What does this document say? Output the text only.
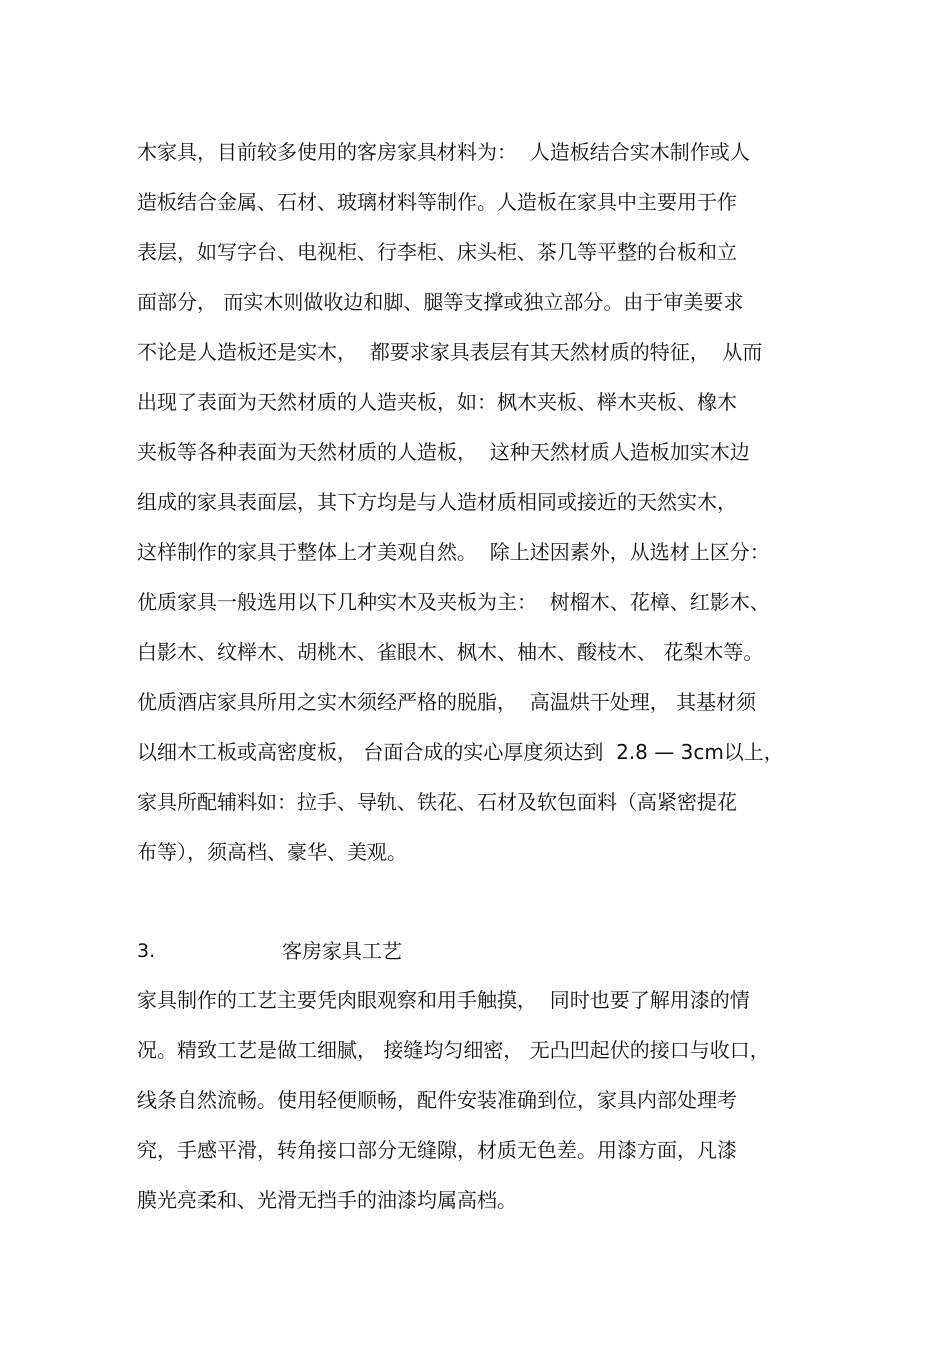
木家具，目前较多使用的客房家具材料为：  人造板结合实木制作或人
造板结合金属、石材、玻璃材料等制作。人造板在家具中主要用于作
表层，如写字台、电视柜、行李柜、床头柜、茶几等平整的台板和立
面部分， 而实木则做收边和脚、腿等支撑或独立部分。由于审美要求
不论是人造板还是实木，  都要求家具表层有其天然材质的特征，  从而
出现了表面为天然材质的人造夹板，如：枫木夹板、榉木夹板、橡木
夹板等各种表面为天然材质的人造板，  这种天然材质人造板加实木边
组成的家具表面层，其下方均是与人造材质相同或接近的天然实木，
这样制作的家具于整体上才美观自然。  除上述因素外，从选材上区分：
优质家具一般选用以下几种实木及夹板为主：  树榴木、花樟、红影木、
白影木、纹榉木、胡桃木、雀眼木、枫木、柚木、酸枝木、 花梨木等。
优质酒店家具所用之实木须经严格的脱脂，  高温烘干处理， 其基材须
以细木工板或高密度板， 台面合成的实心厚度须达到  2.8 — 3cm以上，
家具所配辅料如：拉手、导轨、铁花、石材及软包面料（高紧密提花
布等），须高档、豪华、美观。
3.	客房家具工艺
家具制作的工艺主要凭肉眼观察和用手触摸，  同时也要了解用漆的情
况。精致工艺是做工细腻， 接缝均匀细密， 无凸凹起伏的接口与收口，
线条自然流畅。使用轻便顺畅，配件安装准确到位，家具内部处理考
究，手感平滑，转角接口部分无缝隙，材质无色差。用漆方面，凡漆
膜光亮柔和、光滑无挡手的油漆均属高档。
